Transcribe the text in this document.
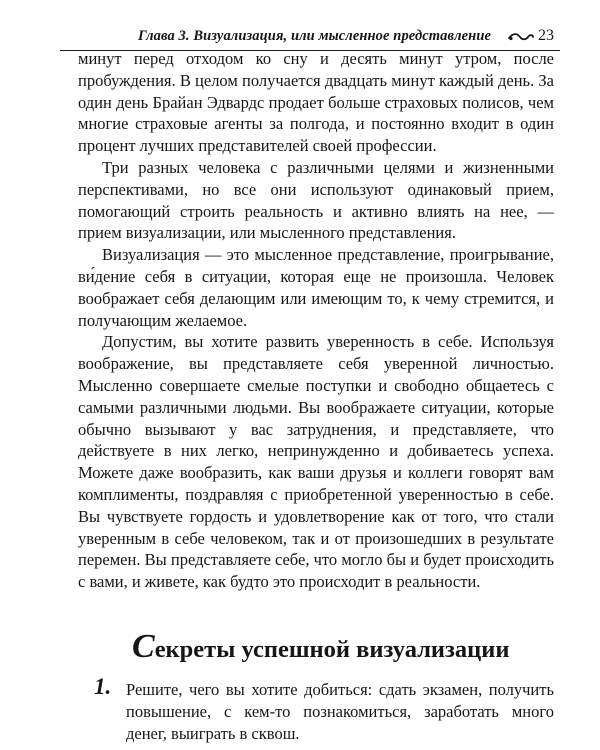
Глава 3. Визуализация, или мысленное представление	23

минут перед отходом ко сну и десять минут утром, после пробуждения. В целом получается двадцать минут каждый день. За один день Брайан Эдвардс продает больше страховых полисов, чем многие страховые агенты за полгода, и постоянно входит в один процент лучших представителей своей профессии.

Три разных человека с различными целями и жизненными перспективами, но все они используют одинаковый прием, помогающий строить реальность и активно влиять на нее, — прием визуализации, или мысленного представления.

Визуализация — это мысленное представление, проигрывание, ви́дение себя в ситуации, которая еще не произошла. Человек воображает себя делающим или имеющим то, к чему стремится, и получающим желаемое.

Допустим, вы хотите развить уверенность в себе. Используя воображение, вы представляете себя уверенной личностью. Мысленно совершаете смелые поступки и свободно общаетесь с самыми различными людьми. Вы воображаете ситуации, которые обычно вызывают у вас затруднения, и представляете, что действуете в них легко, непринужденно и добиваетесь успеха. Можете даже вообразить, как ваши друзья и коллеги говорят вам комплименты, поздравляя с приобретенной уверенностью в себе. Вы чувствуете гордость и удовлетворение как от того, что стали уверенным в себе человеком, так и от произошедших в результате перемен. Вы представляете себе, что могло бы и будет происходить с вами, и живете, как будто это происходит в реальности.

Секреты успешной визуализации
1. Решите, чего вы хотите добиться: сдать экзамен, получить повышение, с кем-то познакомиться, заработать много денег, выиграть в сквош.
